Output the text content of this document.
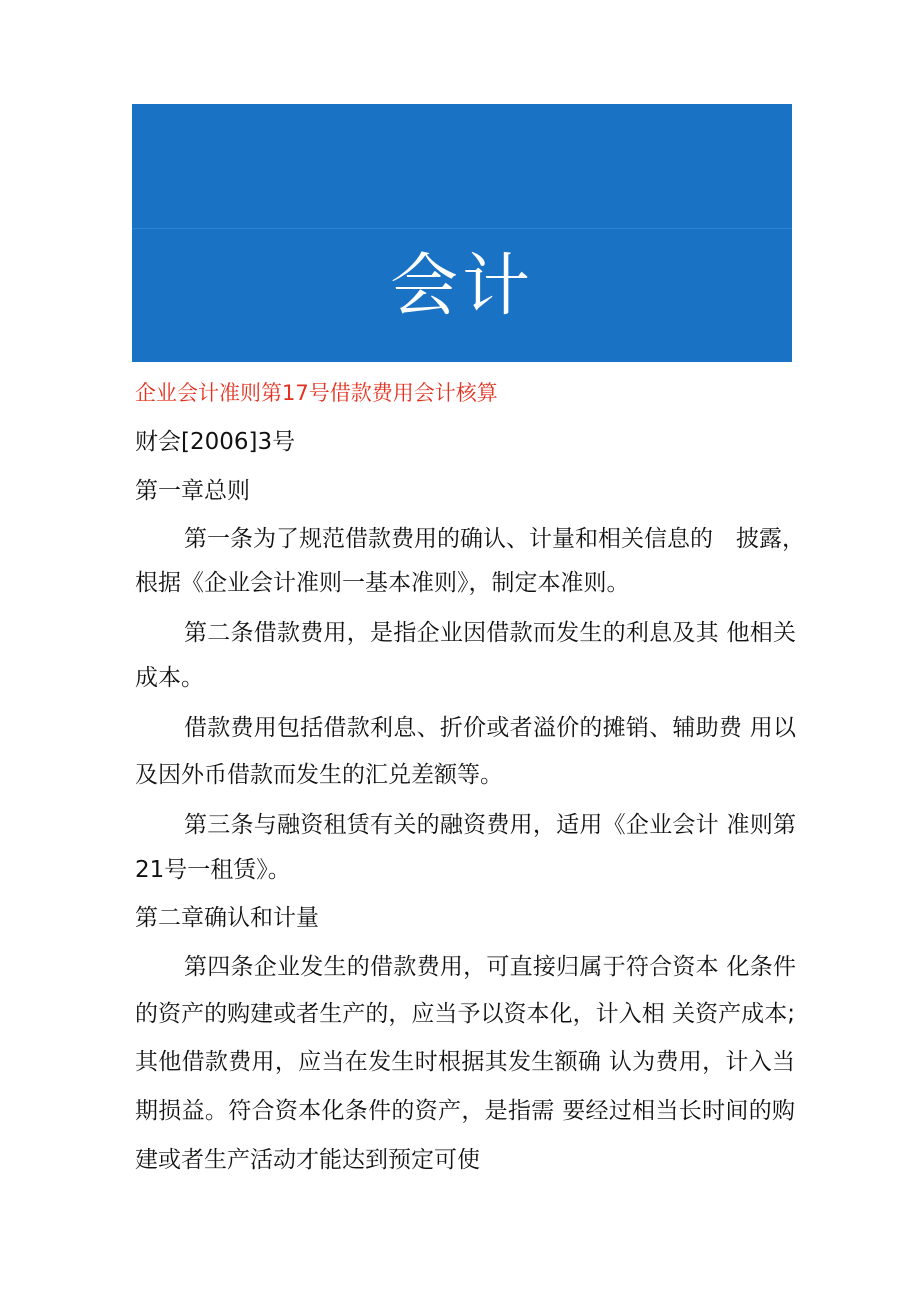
会计
实务
企业会计准则第17号借款费用会计核算
财会[2006]3号
第一章总则
第一条为了规范借款费用的确认、计量和相关信息的　披露，
根据《企业会计准则一基本准则》，制定本准则。
第二条借款费用，是指企业因借款而发生的利息及其 他相关
成本。
借款费用包括借款利息、折价或者溢价的摊销、辅助费 用以
及因外币借款而发生的汇兑差额等。
第三条与融资租赁有关的融资费用，适用《企业会计 准则第
21号一租赁》。
第二章确认和计量
第四条企业发生的借款费用，可直接归属于符合资本 化条件
的资产的购建或者生产的，应当予以资本化，计入相 关资产成本;
其他借款费用，应当在发生时根据其发生额确 认为费用，计入当
期损益。符合资本化条件的资产，是指需 要经过相当长时间的购
建或者生产活动才能达到预定可使
